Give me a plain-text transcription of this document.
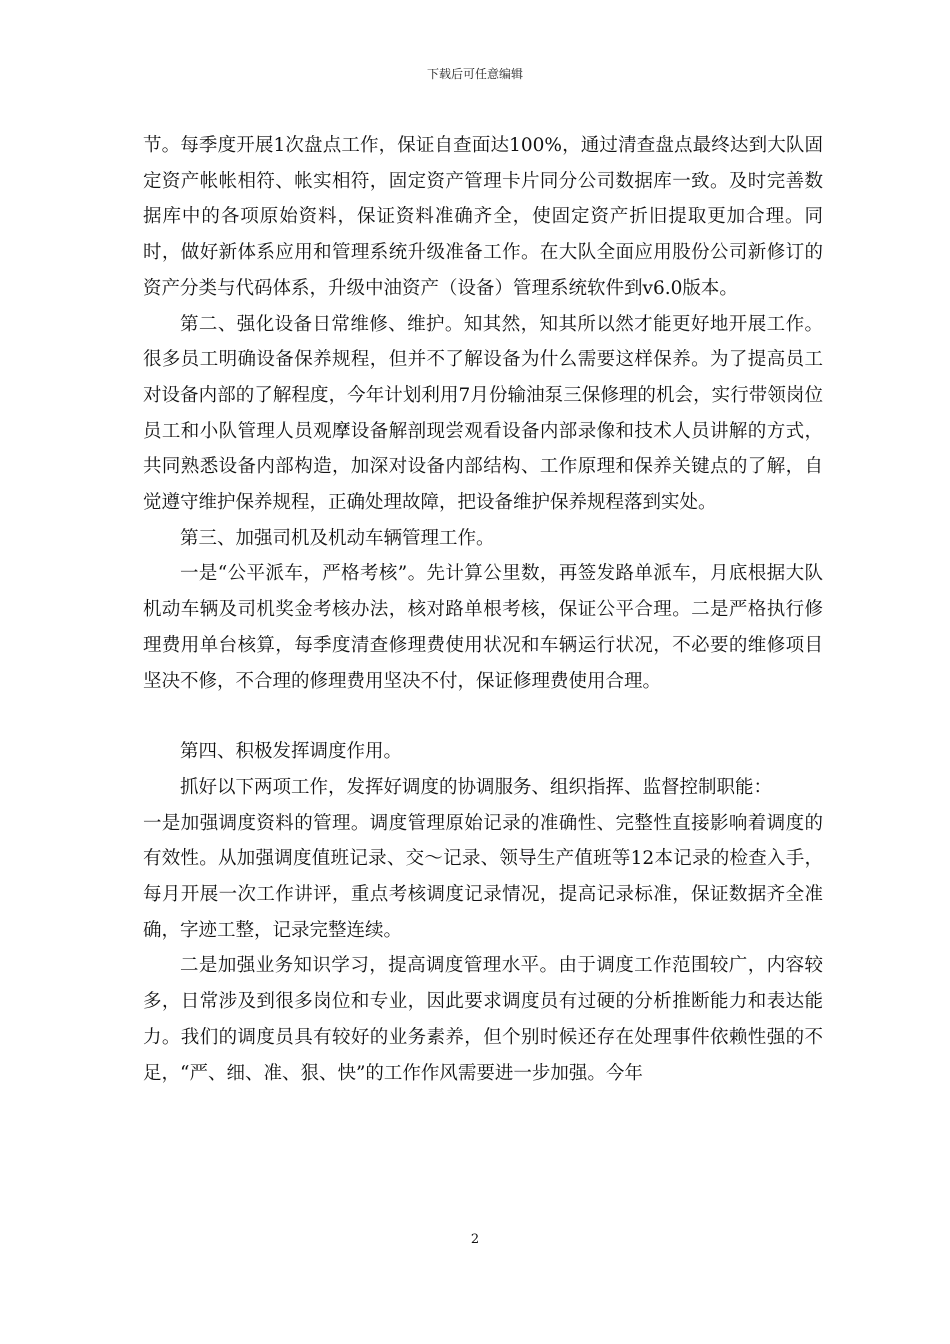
下载后可任意编辑

节。每季度开展1次盘点工作，保证自查面达100%，通过清查盘点最终达到大队固定资产帐帐相符、帐实相符，固定资产管理卡片同分公司数据库一致。及时完善数据库中的各项原始资料，保证资料准确齐全，使固定资产折旧提取更加合理。同时，做好新体系应用和管理系统升级准备工作。在大队全面应用股份公司新修订的资产分类与代码体系，升级中油资产（设备）管理系统软件到v6.0版本。

第二、强化设备日常维修、维护。知其然，知其所以然才能更好地开展工作。很多员工明确设备保养规程，但并不了解设备为什么需要这样保养。为了提高员工对设备内部的了解程度，今年计划利用7月份输油泵三保修理的机会，实行带领岗位员工和小队管理人员观摩设备解剖现尝观看设备内部录像和技术人员讲解的方式，共同熟悉设备内部构造，加深对设备内部结构、工作原理和保养关键点的了解，自觉遵守维护保养规程，正确处理故障，把设备维护保养规程落到实处。

第三、加强司机及机动车辆管理工作。

一是“公平派车，严格考核”。先计算公里数，再签发路单派车，月底根据大队机动车辆及司机奖金考核办法，核对路单根考核，保证公平合理。二是严格执行修理费用单台核算，每季度清查修理费使用状况和车辆运行状况，不必要的维修项目坚决不修，不合理的修理费用坚决不付，保证修理费使用合理。

第四、积极发挥调度作用。

抓好以下两项工作，发挥好调度的协调服务、组织指挥、监督控制职能：

一是加强调度资料的管理。调度管理原始记录的准确性、完整性直接影响着调度的有效性。从加强调度值班记录、交～记录、领导生产值班等12本记录的检查入手，每月开展一次工作讲评，重点考核调度记录情况，提高记录标准，保证数据齐全准确，字迹工整，记录完整连续。

二是加强业务知识学习，提高调度管理水平。由于调度工作范围较广，内容较多，日常涉及到很多岗位和专业，因此要求调度员有过硬的分析推断能力和表达能力。我们的调度员具有较好的业务素养，但个别时候还存在处理事件依赖性强的不足，“严、细、准、狠、快”的工作作风需要进一步加强。今年

2
